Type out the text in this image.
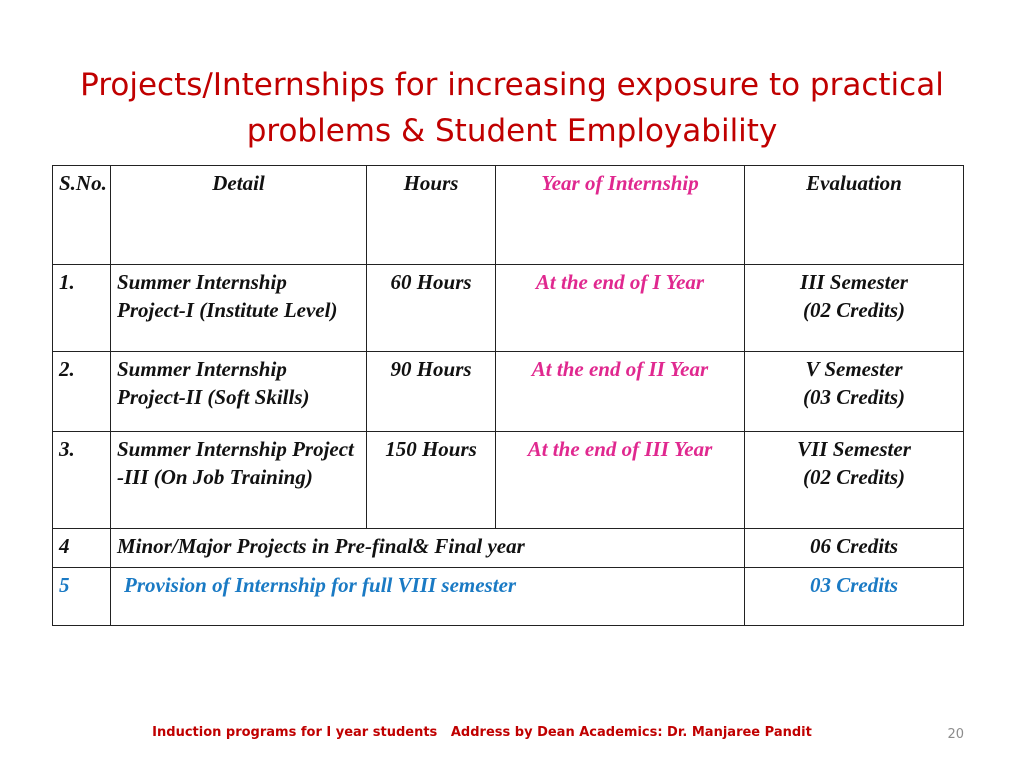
Projects/Internships for increasing exposure to practical problems & Student Employability
S.No.	Detail	Hours	Year of Internship	Evaluation
1.	Summer Internship Project-I (Institute Level)	60 Hours	At the end of I Year	III Semester
(02 Credits)

2.	Summer Internship Project-II (Soft Skills)	90 Hours	At the end of II Year	V Semester
(03 Credits)

3.	Summer Internship Project -III (On Job Training)	150 Hours	At the end of III Year	VII Semester
(02 Credits)

4	Minor/Major Projects in Pre-final& Final year			06 Credits
5	Provision of Internship for full VIII semester			03 Credits
Induction programs for I year students   Address by Dean Academics: Dr. Manjaree Pandit	20
